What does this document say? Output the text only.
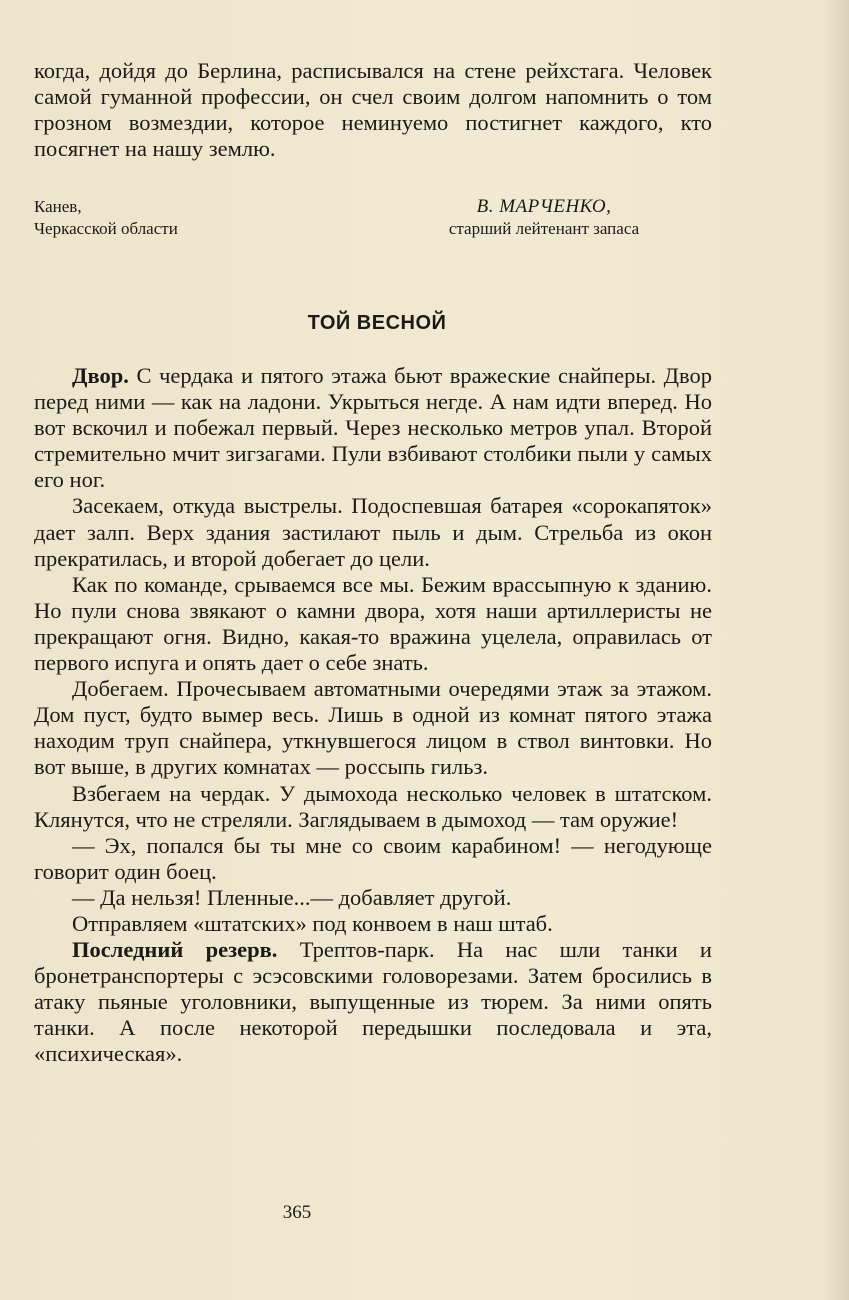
когда, дойдя до Берлина, расписывался на стене рейхстага. Человек самой гуманной профессии, он счел своим долгом напомнить о том грозном возмездии, которое неминуемо постигнет каждого, кто посягнет на нашу землю.

Канев,
Черкасской области
В. МАРЧЕНКО,
старший лейтенант запаса
ТОЙ ВЕСНОЙ

Двор. С чердака и пятого этажа бьют вражеские снайперы. Двор перед ними — как на ладони. Укрыться негде. А нам идти вперед. Но вот вскочил и побежал первый. Через несколько метров упал. Второй стремительно мчит зигзагами. Пули взбивают столбики пыли у самых его ног.

Засекаем, откуда выстрелы. Подоспевшая батарея «сорокапяток» дает залп. Верх здания застилают пыль и дым. Стрельба из окон прекратилась, и второй добегает до цели.

Как по команде, срываемся все мы. Бежим врассыпную к зданию. Но пули снова звякают о камни двора, хотя наши артиллеристы не прекращают огня. Видно, какая-то вражина уцелела, оправилась от первого испуга и опять дает о себе знать.

Добегаем. Прочесываем автоматными очередями этаж за этажом. Дом пуст, будто вымер весь. Лишь в одной из комнат пятого этажа находим труп снайпера, уткнувшегося лицом в ствол винтовки. Но вот выше, в других комнатах — россыпь гильз.

Взбегаем на чердак. У дымохода несколько человек в штатском. Клянутся, что не стреляли. Заглядываем в дымоход — там оружие!

— Эх, попался бы ты мне со своим карабином! — негодующе говорит один боец.

— Да нельзя! Пленные...— добавляет другой.

Отправляем «штатских» под конвоем в наш штаб.

Последний резерв. Трептов-парк. На нас шли танки и бронетранспортеры с эсэсовскими головорезами. Затем бросились в атаку пьяные уголовники, выпущенные из тюрем. За ними опять танки. А после некоторой передышки последовала и эта, «психическая».

365
